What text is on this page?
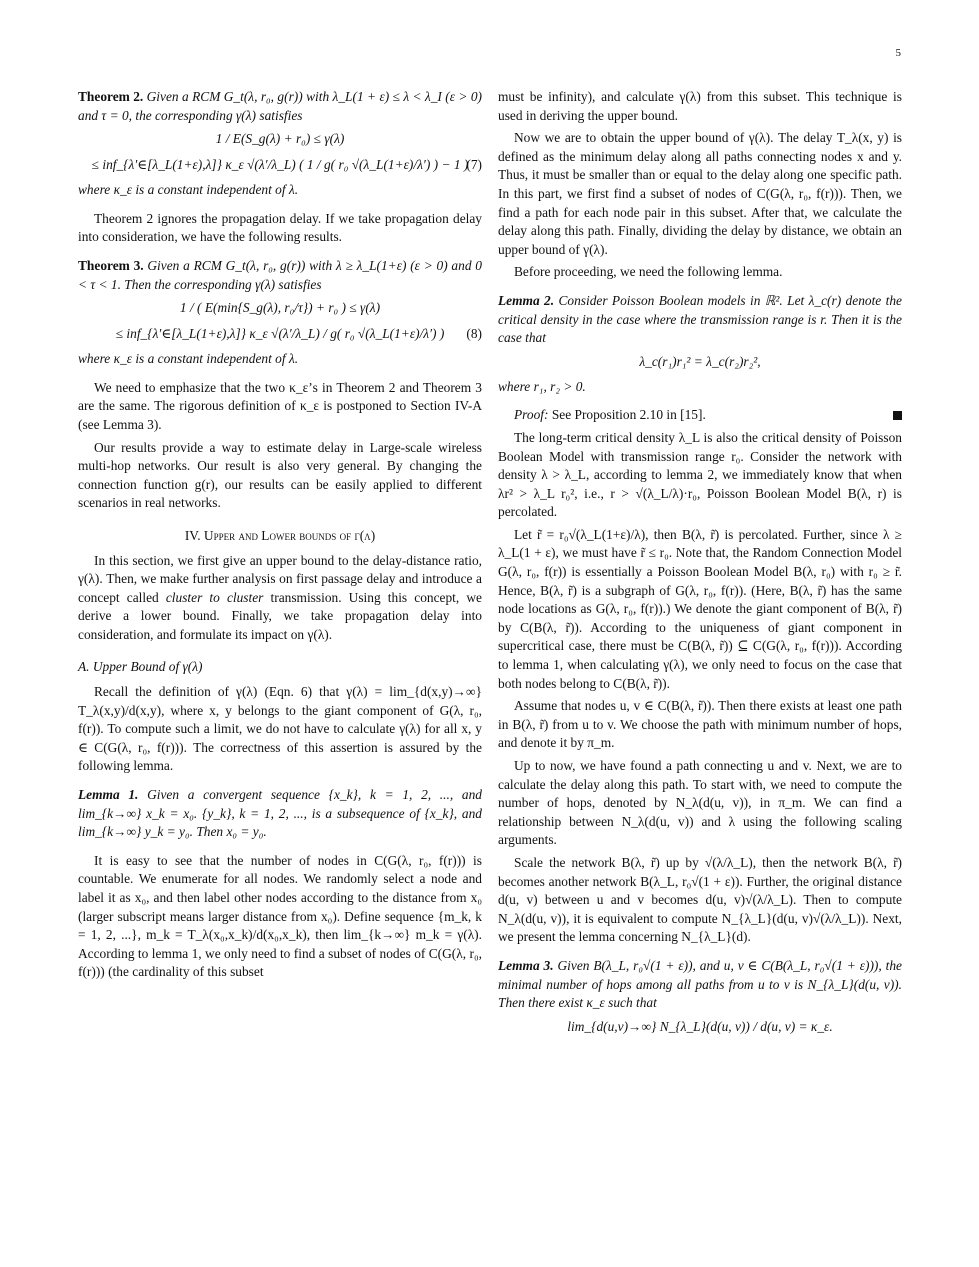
5

Theorem 2. Given a RCM G_t(λ, r₀, g(r)) with λ_L(1 + ε) ≤ λ < λ_I (ε > 0) and τ = 0, the corresponding γ(λ) satisfies

1 / E(S_g(λ) + r₀) ≤ γ(λ)
≤ inf_{λ′∈[λ_L(1+ε),λ]} κ_ε √(λ′/λ_L) ( 1 / g( r₀ √(λ_L(1+ε)/λ′) ) − 1 )
(7)

where κ_ε is a constant independent of λ.

Theorem 2 ignores the propagation delay. If we take propagation delay into consideration, we have the following results.

Theorem 3. Given a RCM G_t(λ, r₀, g(r)) with λ ≥ λ_L(1+ε) (ε > 0) and 0 < τ < 1. Then the corresponding γ(λ) satisfies

1 / ( E(min{S_g(λ), r₀/τ}) + r₀ ) ≤ γ(λ)
≤ inf_{λ′∈[λ_L(1+ε),λ]} κ_ε √(λ′/λ_L) / g( r₀ √(λ_L(1+ε)/λ′) ) (8)

where κ_ε is a constant independent of λ.

We need to emphasize that the two κ_ε’s in Theorem 2 and Theorem 3 are the same. The rigorous definition of κ_ε is postponed to Section IV-A (see Lemma 3).

Our results provide a way to estimate delay in Large-scale wireless multi-hop networks. Our result is also very general. By changing the connection function g(r), our results can be easily applied to different scenarios in real networks.

IV. Upper and Lower bounds of γ(λ)

In this section, we first give an upper bound to the delay-distance ratio, γ(λ). Then, we make further analysis on first passage delay and introduce a concept called cluster to cluster transmission. Using this concept, we derive a lower bound. Finally, we take propagation delay into consideration, and formulate its impact on γ(λ).

A. Upper Bound of γ(λ)

Recall the definition of γ(λ) (Eqn. 6) that γ(λ) = lim_{d(x,y)→∞} T_λ(x,y)/d(x,y), where x, y belongs to the giant component of G(λ, r₀, f(r)). To compute such a limit, we do not have to calculate γ(λ) for all x, y ∈ C(G(λ, r₀, f(r))). The correctness of this assertion is assured by the following lemma.

Lemma 1. Given a convergent sequence {x_k}, k = 1, 2, ..., and lim_{k→∞} x_k = x₀. {y_k}, k = 1, 2, ..., is a subsequence of {x_k}, and lim_{k→∞} y_k = y₀. Then x₀ = y₀.

It is easy to see that the number of nodes in C(G(λ, r₀, f(r))) is countable. We enumerate for all nodes. We randomly select a node and label it as x₀, and then label other nodes according to the distance from x₀ (larger subscript means larger distance from x₀). Define sequence {m_k, k = 1, 2, ...}, m_k = T_λ(x₀,x_k)/d(x₀,x_k), then lim_{k→∞} m_k = γ(λ). According to lemma 1, we only need to find a subset of nodes of C(G(λ, r₀, f(r))) (the cardinality of this subset

must be infinity), and calculate γ(λ) from this subset. This technique is used in deriving the upper bound.

Now we are to obtain the upper bound of γ(λ). The delay T_λ(x, y) is defined as the minimum delay along all paths connecting nodes x and y. Thus, it must be smaller than or equal to the delay along one specific path. In this part, we first find a subset of nodes of C(G(λ, r₀, f(r))). Then, we find a path for each node pair in this subset. After that, we calculate the delay along this path. Finally, dividing the delay by distance, we obtain an upper bound of γ(λ).

Before proceeding, we need the following lemma.

Lemma 2. Consider Poisson Boolean models in ℝ². Let λ_c(r) denote the critical density in the case where the transmission range is r. Then it is the case that

λ_c(r₁)r₁² = λ_c(r₂)r₂²,

where r₁, r₂ > 0.

Proof: See Proposition 2.10 in [15].

The long-term critical density λ_L is also the critical density of Poisson Boolean Model with transmission range r₀. Consider the network with density λ > λ_L, according to lemma 2, we immediately know that when λr² > λ_L r₀², i.e., r > √(λ_L/λ)·r₀, Poisson Boolean Model B(λ, r) is percolated.

Let r̃ = r₀√(λ_L(1+ε)/λ), then B(λ, r̃) is percolated. Further, since λ ≥ λ_L(1 + ε), we must have r̃ ≤ r₀. Note that, the Random Connection Model G(λ, r₀, f(r)) is essentially a Poisson Boolean Model B(λ, r₀) with r₀ ≥ r̃. Hence, B(λ, r̃) is a subgraph of G(λ, r₀, f(r)). (Here, B(λ, r̃) has the same node locations as G(λ, r₀, f(r)).) We denote the giant component of B(λ, r̃) by C(B(λ, r̃)). According to the uniqueness of giant component in supercritical case, there must be C(B(λ, r̃)) ⊆ C(G(λ, r₀, f(r))). According to lemma 1, when calculating γ(λ), we only need to focus on the case that both nodes belong to C(B(λ, r̃)).

Assume that nodes u, v ∈ C(B(λ, r̃)). Then there exists at least one path in B(λ, r̃) from u to v. We choose the path with minimum number of hops, and denote it by π_m.

Up to now, we have found a path connecting u and v. Next, we are to calculate the delay along this path. To start with, we need to compute the number of hops, denoted by N_λ(d(u, v)), in π_m. We can find a relationship between N_λ(d(u, v)) and λ using the following scaling arguments.

Scale the network B(λ, r̃) up by √(λ/λ_L), then the network B(λ, r̃) becomes another network B(λ_L, r₀√(1 + ε)). Further, the original distance d(u, v) between u and v becomes d(u, v)√(λ/λ_L). Then to compute N_λ(d(u, v)), it is equivalent to compute N_{λ_L}(d(u, v)√(λ/λ_L)). Next, we present the lemma concerning N_{λ_L}(d).

Lemma 3. Given B(λ_L, r₀√(1 + ε)), and u, v ∈ C(B(λ_L, r₀√(1 + ε))), the minimal number of hops among all paths from u to v is N_{λ_L}(d(u, v)). Then there exist κ_ε such that

lim_{d(u,v)→∞} N_{λ_L}(d(u, v)) / d(u, v) = κ_ε.
